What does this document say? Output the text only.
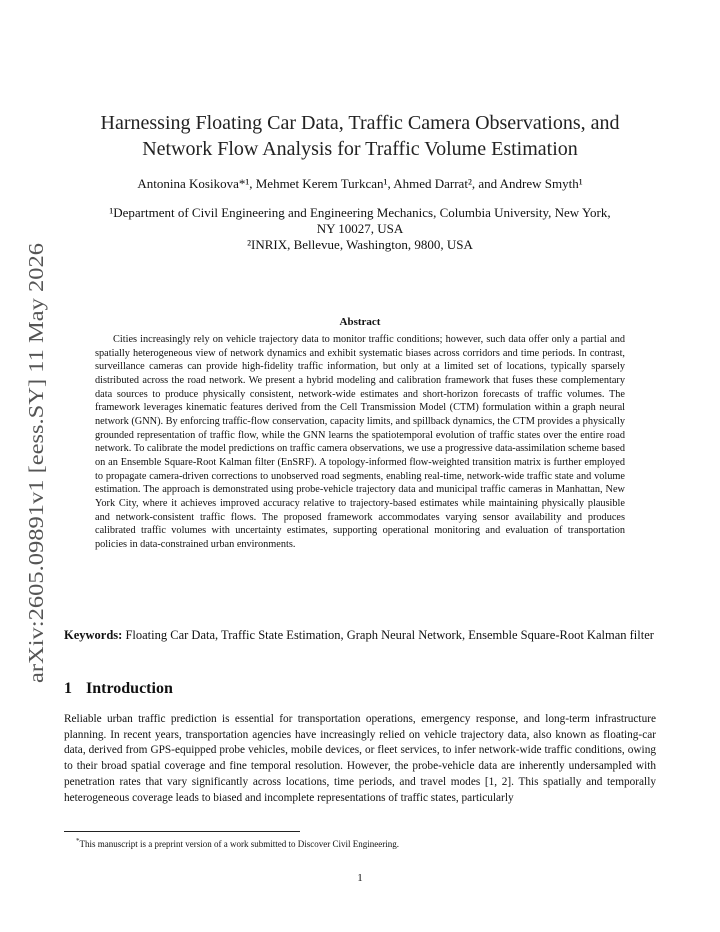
arXiv:2605.09891v1 [eess.SY] 11 May 2026
Harnessing Floating Car Data, Traffic Camera Observations, and
Network Flow Analysis for Traffic Volume Estimation
Antonina Kosikova*¹, Mehmet Kerem Turkcan¹, Ahmed Darrat², and Andrew Smyth¹
¹Department of Civil Engineering and Engineering Mechanics, Columbia University, New York,
NY 10027, USA
²INRIX, Bellevue, Washington, 9800, USA
Abstract

Cities increasingly rely on vehicle trajectory data to monitor traffic conditions; however, such data offer only a partial and spatially heterogeneous view of network dynamics and exhibit systematic biases across corridors and time periods. In contrast, surveillance cameras can provide high-fidelity traffic information, but only at a limited set of locations, typically sparsely distributed across the road network. We present a hybrid modeling and calibration framework that fuses these complementary data sources to produce physically consistent, network-wide estimates and short-horizon forecasts of traffic volumes. The framework leverages kinematic features derived from the Cell Transmission Model (CTM) formulation within a graph neural network (GNN). By enforcing traffic-flow conservation, capacity limits, and spillback dynamics, the CTM provides a physically grounded representation of traffic flow, while the GNN learns the spatiotemporal evolution of traffic states over the entire road network. To calibrate the model predictions on traffic camera observations, we use a progressive data-assimilation scheme based on an Ensemble Square-Root Kalman filter (EnSRF). A topology-informed flow-weighted transition matrix is further employed to propagate camera-driven corrections to unobserved road segments, enabling real-time, network-wide traffic state and volume estimation. The approach is demonstrated using probe-vehicle trajectory data and municipal traffic cameras in Manhattan, New York City, where it achieves improved accuracy relative to trajectory-based estimates while maintaining physically plausible and network-consistent traffic flows. The proposed framework accommodates varying sensor availability and produces calibrated traffic volumes with uncertainty estimates, supporting operational monitoring and evaluation of transportation policies in data-constrained urban environments.

Keywords: Floating Car Data, Traffic State Estimation, Graph Neural Network, Ensemble Square-Root Kalman filter

1 Introduction

Reliable urban traffic prediction is essential for transportation operations, emergency response, and long-term infrastructure planning. In recent years, transportation agencies have increasingly relied on vehicle trajectory data, also known as floating-car data, derived from GPS-equipped probe vehicles, mobile devices, or fleet services, to infer network-wide traffic conditions, owing to their broad spatial coverage and fine temporal resolution. However, the probe-vehicle data are inherently undersampled with penetration rates that vary significantly across locations, time periods, and travel modes [1, 2]. This spatially and temporally heterogeneous coverage leads to biased and incomplete representations of traffic states, particularly

*This manuscript is a preprint version of a work submitted to Discover Civil Engineering.
1
